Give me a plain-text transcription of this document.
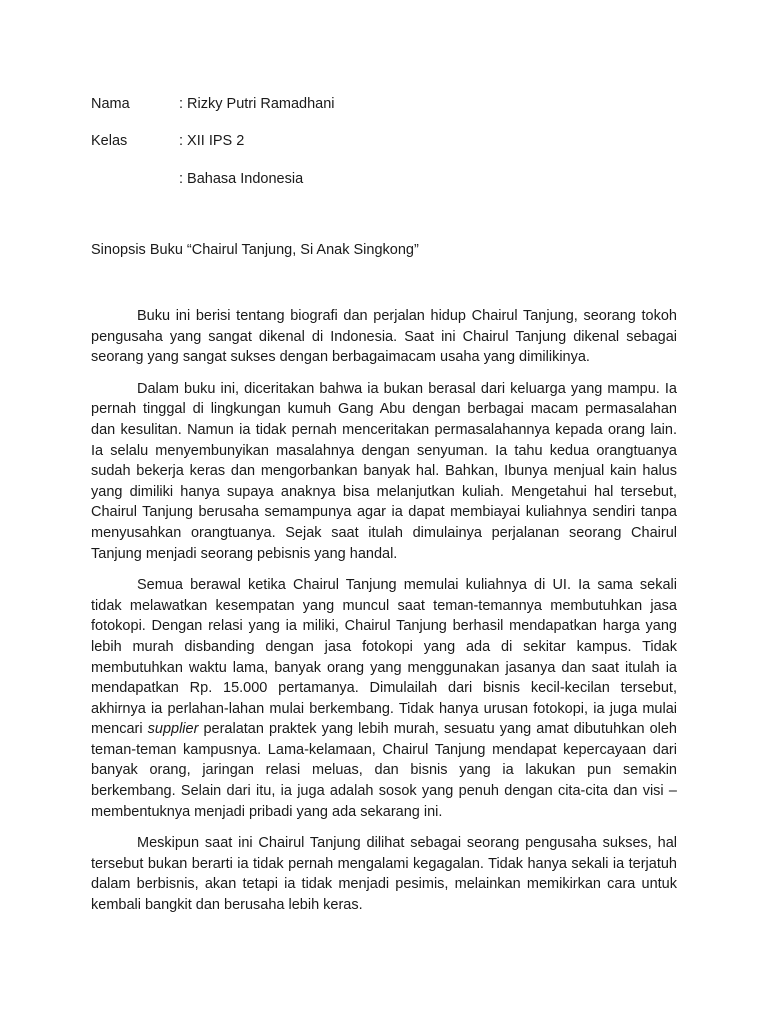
Nama	: Rizky Putri Ramadhani
Kelas	: XII IPS 2
: Bahasa Indonesia
Sinopsis Buku “Chairul Tanjung, Si Anak Singkong”

Buku ini berisi tentang biografi dan perjalan hidup Chairul Tanjung, seorang tokoh pengusaha yang sangat dikenal di Indonesia. Saat ini Chairul Tanjung dikenal sebagai seorang yang sangat sukses dengan berbagaimacam usaha yang dimilikinya.

Dalam buku ini, diceritakan bahwa ia bukan berasal dari keluarga yang mampu. Ia pernah tinggal di lingkungan kumuh Gang Abu dengan berbagai macam permasalahan dan kesulitan. Namun ia tidak pernah menceritakan permasalahannya kepada orang lain. Ia selalu menyembunyikan masalahnya dengan senyuman. Ia tahu kedua orangtuanya sudah bekerja keras dan mengorbankan banyak hal. Bahkan, Ibunya menjual kain halus yang dimiliki hanya supaya anaknya bisa melanjutkan kuliah. Mengetahui hal tersebut, Chairul Tanjung berusaha semampunya agar ia dapat membiayai kuliahnya sendiri tanpa menyusahkan orangtuanya. Sejak saat itulah dimulainya perjalanan seorang Chairul Tanjung menjadi seorang pebisnis yang handal.

Semua berawal ketika Chairul Tanjung memulai kuliahnya di UI. Ia sama sekali tidak melawatkan kesempatan yang muncul saat teman-temannya membutuhkan jasa fotokopi. Dengan relasi yang ia miliki, Chairul Tanjung berhasil mendapatkan harga yang lebih murah disbanding dengan jasa fotokopi yang ada di sekitar kampus. Tidak membutuhkan waktu lama, banyak orang yang menggunakan jasanya dan saat itulah ia mendapatkan Rp. 15.000 pertamanya. Dimulailah dari bisnis kecil-kecilan tersebut, akhirnya ia perlahan-lahan mulai berkembang. Tidak hanya urusan fotokopi, ia juga mulai mencari supplier peralatan praktek yang lebih murah, sesuatu yang amat dibutuhkan oleh teman-teman kampusnya. Lama-kelamaan, Chairul Tanjung mendapat kepercayaan dari banyak orang, jaringan relasi meluas, dan bisnis yang ia lakukan pun semakin berkembang. Selain dari itu, ia juga adalah sosok yang penuh dengan cita-cita dan visi – membentuknya menjadi pribadi yang ada sekarang ini.

Meskipun saat ini Chairul Tanjung dilihat sebagai seorang pengusaha sukses, hal tersebut bukan berarti ia tidak pernah mengalami kegagalan. Tidak hanya sekali ia terjatuh dalam berbisnis, akan tetapi ia tidak menjadi pesimis, melainkan memikirkan cara untuk kembali bangkit dan berusaha lebih keras.
